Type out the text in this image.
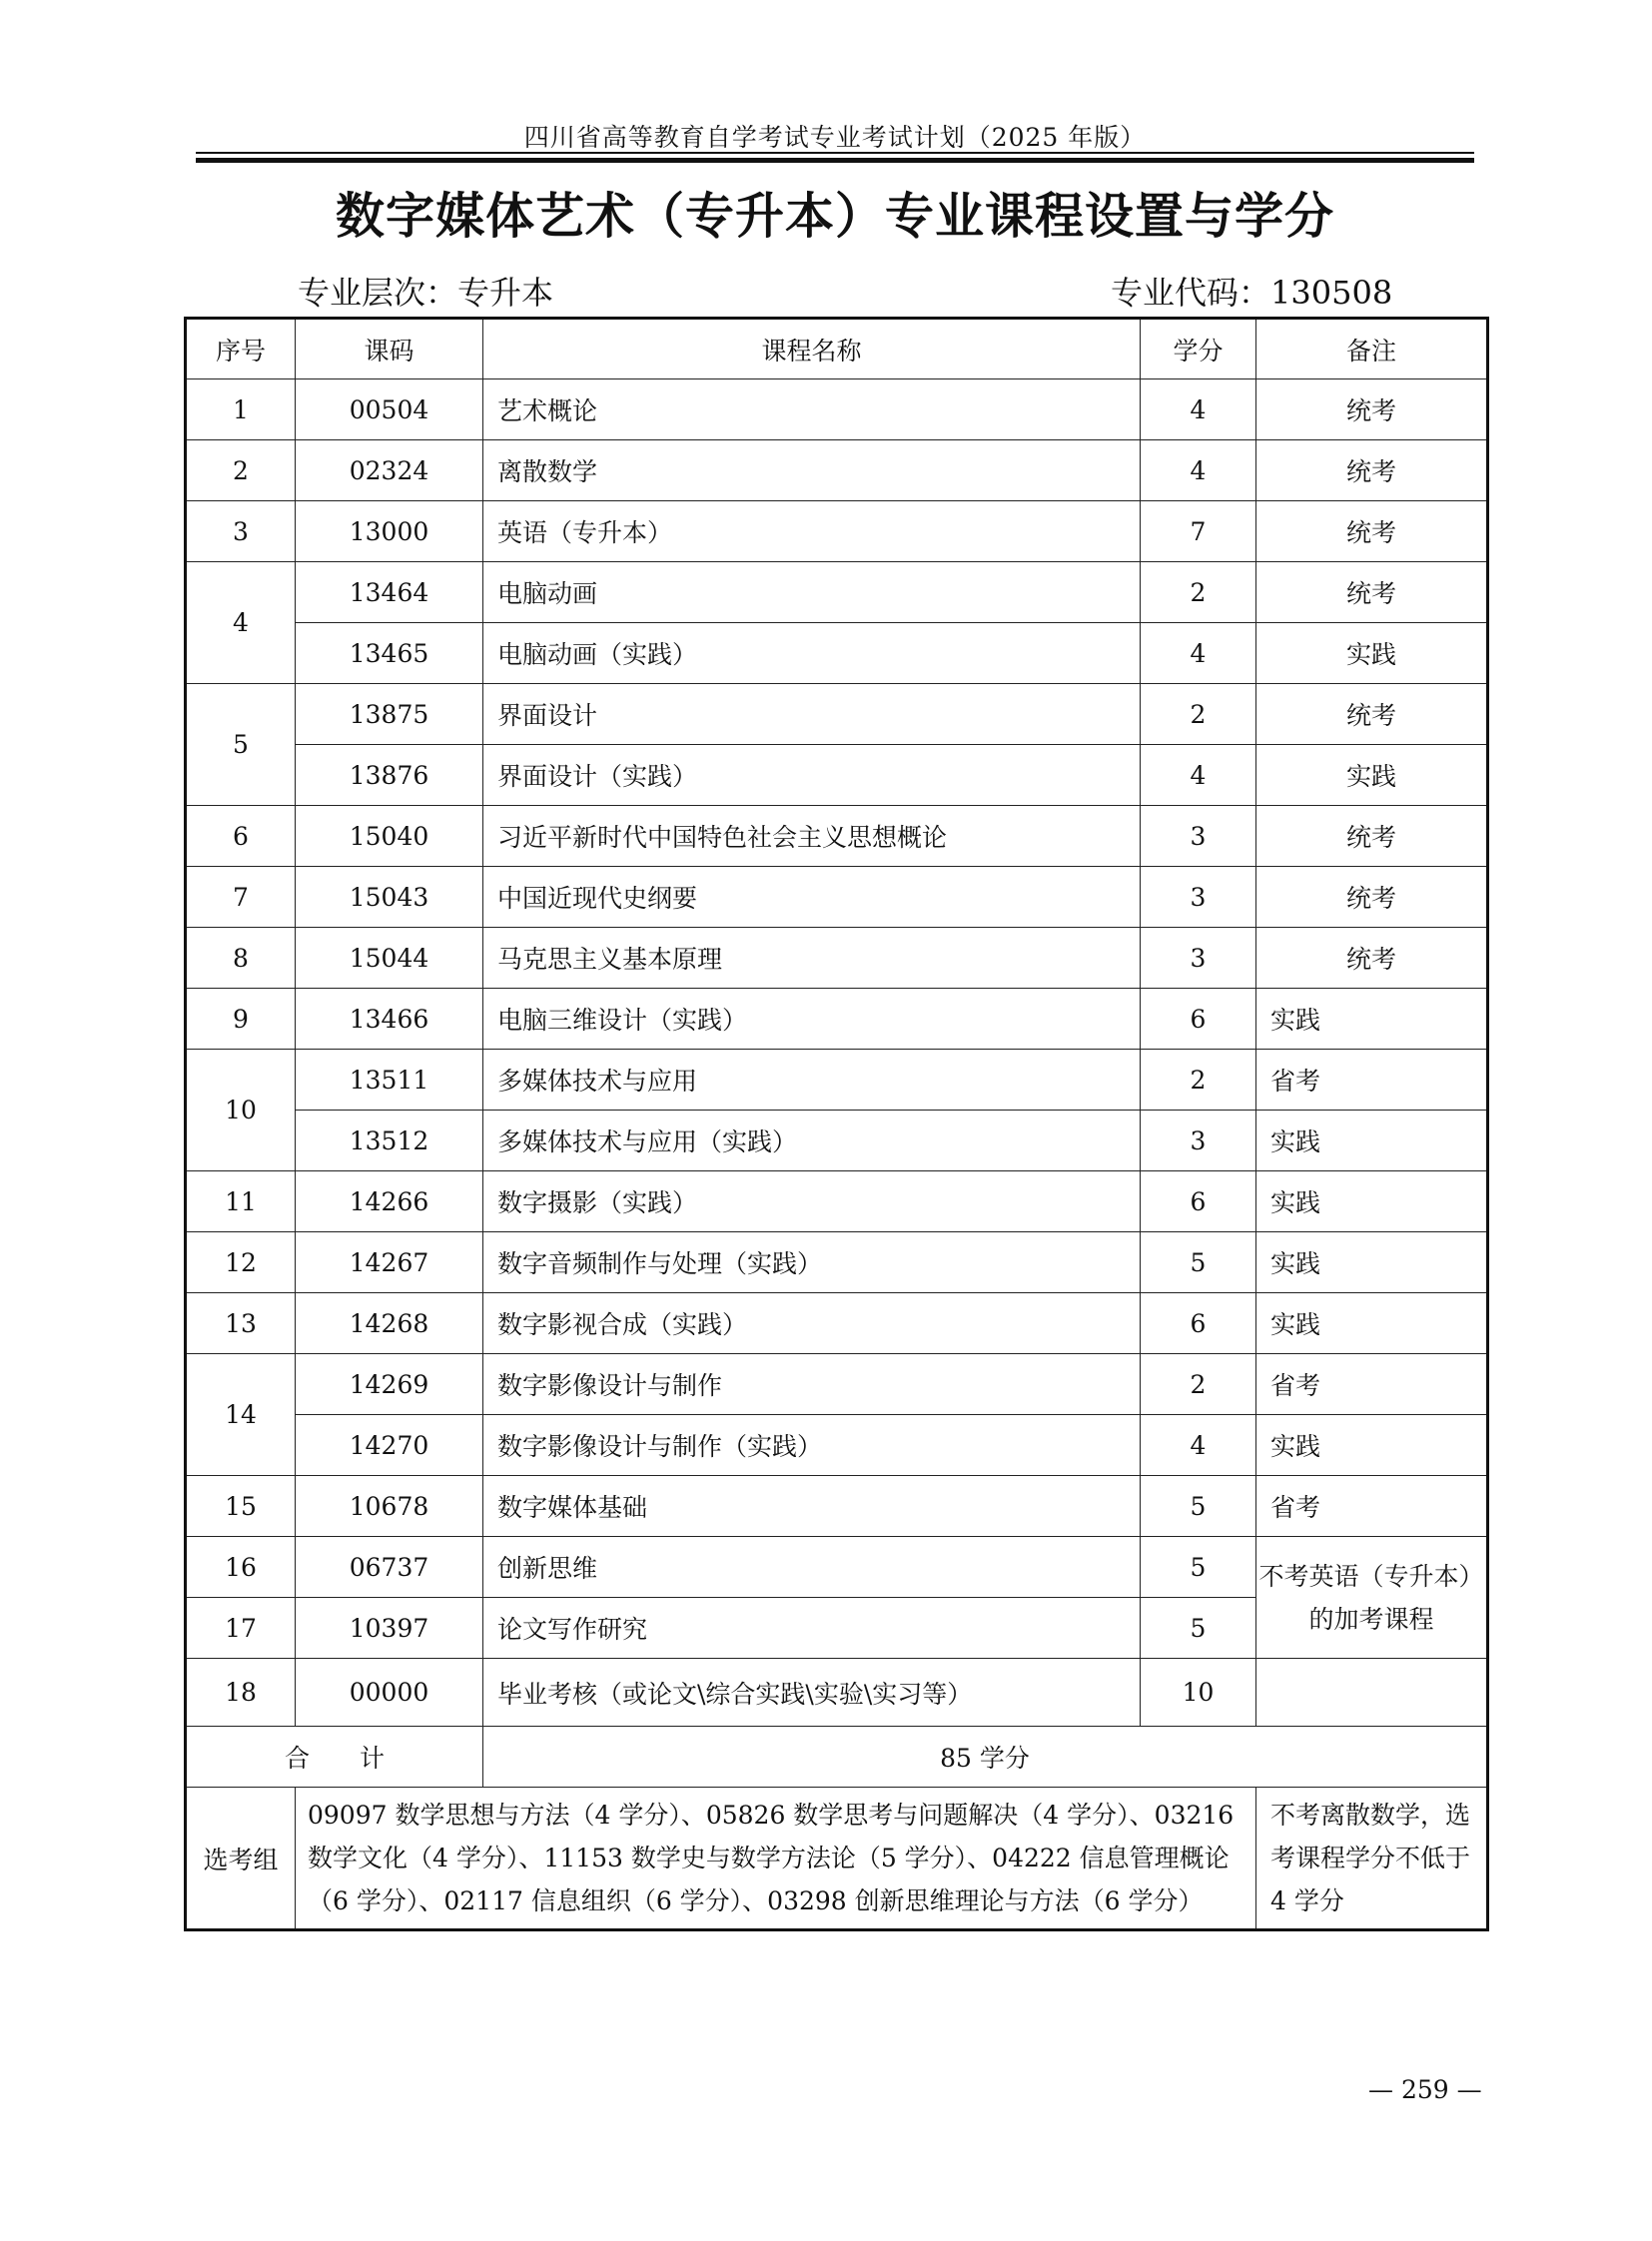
四川省高等教育自学考试专业考试计划（2025 年版）
数字媒体艺术（专升本）专业课程设置与学分
专业层次：专升本	专业代码：130508
序号	课码	课程名称	学分	备注
1	00504	艺术概论	4	统考
2	02324	离散数学	4	统考
3	13000	英语（专升本）	7	统考
4	13464	电脑动画	2	统考
	13465	电脑动画（实践）	4	实践
5	13875	界面设计	2	统考
	13876	界面设计（实践）	4	实践
6	15040	习近平新时代中国特色社会主义思想概论	3	统考
7	15043	中国近现代史纲要	3	统考
8	15044	马克思主义基本原理	3	统考
9	13466	电脑三维设计（实践）	6	实践
10	13511	多媒体技术与应用	2	省考
	13512	多媒体技术与应用（实践）	3	实践
11	14266	数字摄影（实践）	6	实践
12	14267	数字音频制作与处理（实践）	5	实践
13	14268	数字影视合成（实践）	6	实践
14	14269	数字影像设计与制作	2	省考
	14270	数字影像设计与制作（实践）	4	实践
15	10678	数字媒体基础	5	省考
16	06737	创新思维	5	不考英语（专升本）的加考课程
17	10397	论文写作研究	5	
18	00000	毕业考核（或论文\综合实践\实验\实习等）	10	
合　　计		85 学分		
选考组	09097 数学思想与方法（4 学分）、05826 数学思考与问题解决（4 学分）、03216 数学文化（4 学分）、11153 数学史与数学方法论（5 学分）、04222 信息管理概论（6 学分）、02117 信息组织（6 学分）、03298 创新思维理论与方法（6 学分）			不考离散数学，选考课程学分不低于 4 学分
— 259 —
